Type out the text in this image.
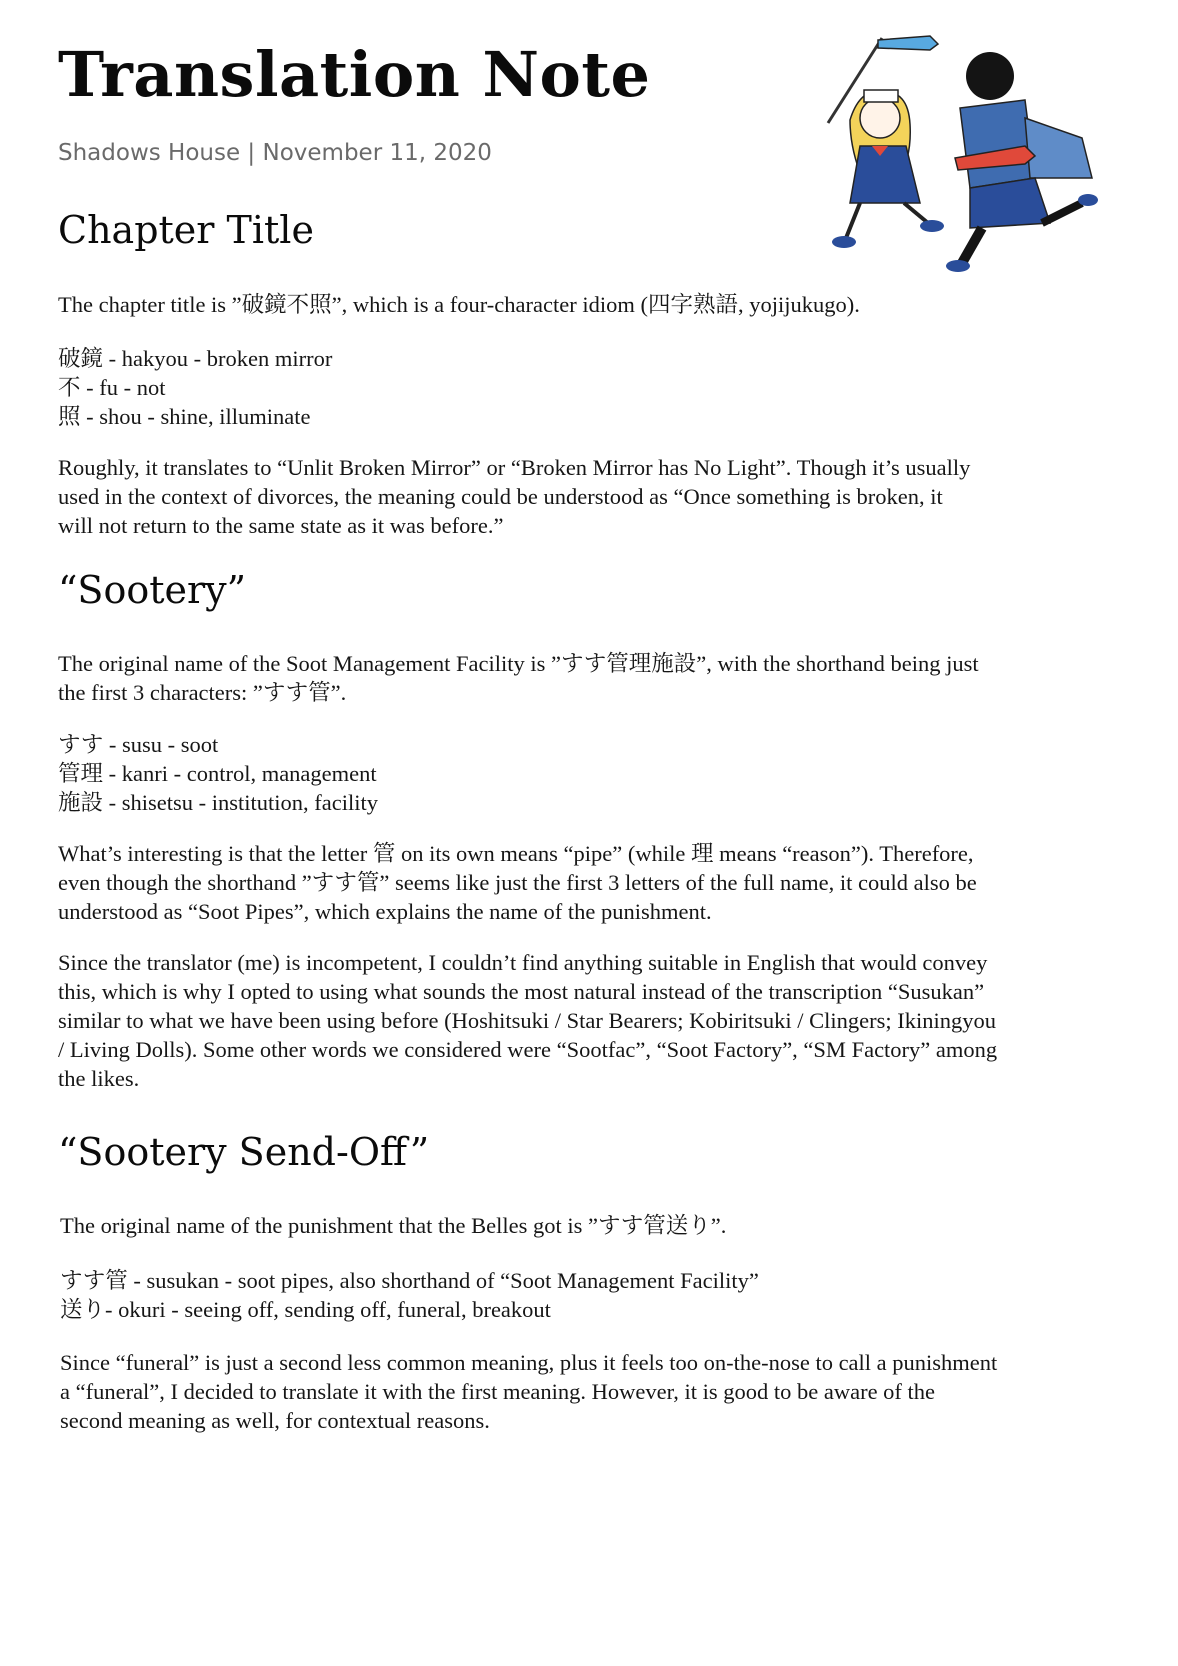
Translation Note
Shadows House | November 11, 2020
Chapter Title

The chapter title is ”破鏡不照”, which is a four-character idiom (四字熟語, yojijukugo).

破鏡 - hakyou - broken mirror
不 - fu - not
照 - shou - shine, illuminate

Roughly, it translates to “Unlit Broken Mirror” or “Broken Mirror has No Light”. Though it’s usually
used in the context of divorces, the meaning could be understood as “Once something is broken, it
will not return to the same state as it was before.”

“Sootery”

The original name of the Soot Management Facility is ”すす管理施設”, with the shorthand being just
the first 3 characters: ”すす管”.

すす - susu - soot
管理 - kanri - control, management
施設 - shisetsu - institution, facility

What’s interesting is that the letter 管 on its own means “pipe” (while 理 means “reason”). Therefore,
even though the shorthand ”すす管” seems like just the first 3 letters of the full name, it could also be
understood as “Soot Pipes”, which explains the name of the punishment.

Since the translator (me) is incompetent, I couldn’t find anything suitable in English that would convey
this, which is why I opted to using what sounds the most natural instead of the transcription “Susukan”
similar to what we have been using before (Hoshitsuki / Star Bearers; Kobiritsuki / Clingers; Ikiningyou
/ Living Dolls). Some other words we considered were “Sootfac”, “Soot Factory”, “SM Factory” among
the likes.

“Sootery Send-Off”

The original name of the punishment that the Belles got is ”すす管送り”.

すす管 - susukan - soot pipes, also shorthand of “Soot Management Facility”
送り- okuri - seeing off, sending off, funeral, breakout

Since “funeral” is just a second less common meaning, plus it feels too on-the-nose to call a punishment
a “funeral”, I decided to translate it with the first meaning. However, it is good to be aware of the
second meaning as well, for contextual reasons.
